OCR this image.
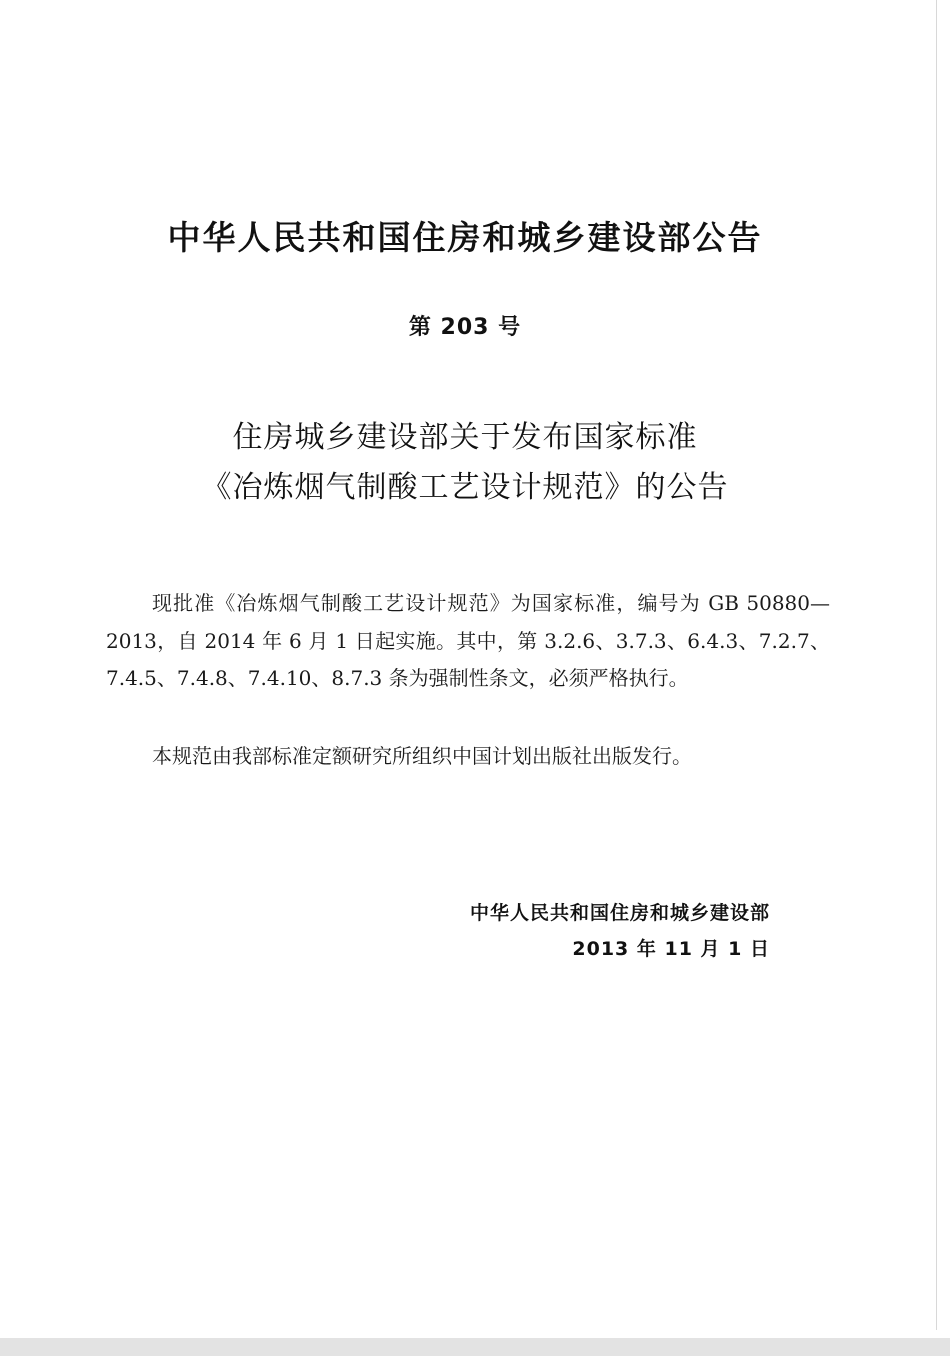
中华人民共和国住房和城乡建设部公告
第 203 号
住房城乡建设部关于发布国家标准
《冶炼烟气制酸工艺设计规范》的公告

现批准《冶炼烟气制酸工艺设计规范》为国家标准，编号为 GB 50880—2013，自 2014 年 6 月 1 日起实施。其中，第 3.2.6、3.7.3、6.4.3、7.2.7、7.4.5、7.4.8、7.4.10、8.7.3 条为强制性条文，必须严格执行。

本规范由我部标准定额研究所组织中国计划出版社出版发行。

中华人民共和国住房和城乡建设部
2013 年 11 月 1 日
